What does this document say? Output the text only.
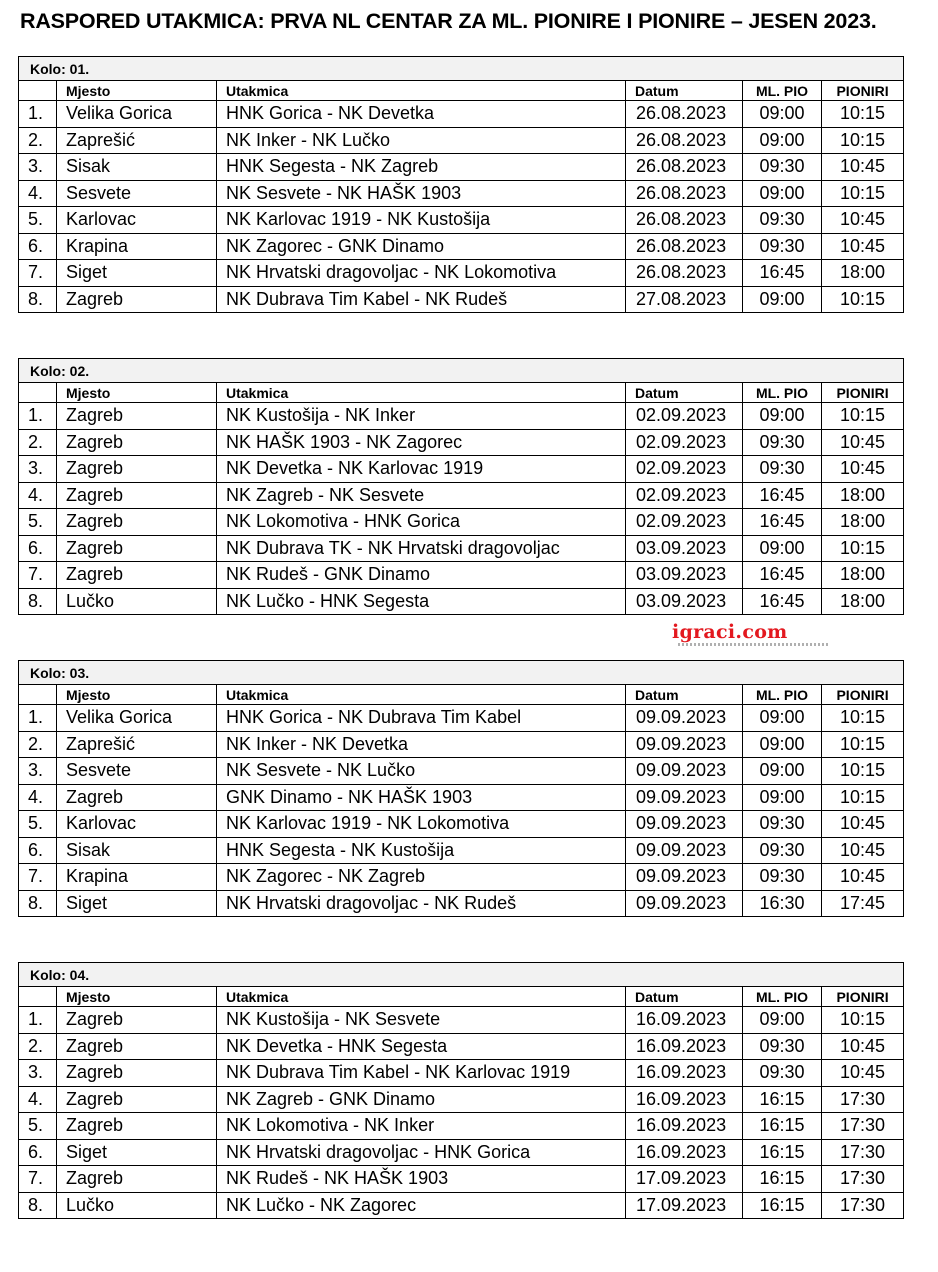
RASPORED UTAKMICA: PRVA NL CENTAR ZA ML. PIONIRE I PIONIRE – JESEN 2023.
igraci.com
Kolo: 01.					
	Mjesto	Utakmica	Datum	ML. PIO	PIONIRI
1.	Velika Gorica	HNK Gorica - NK Devetka	26.08.2023	09:00	10:15
2.	Zaprešić	NK Inker - NK Lučko	26.08.2023	09:00	10:15
3.	Sisak	HNK Segesta - NK Zagreb	26.08.2023	09:30	10:45
4.	Sesvete	NK Sesvete - NK HAŠK 1903	26.08.2023	09:00	10:15
5.	Karlovac	NK Karlovac 1919 - NK Kustošija	26.08.2023	09:30	10:45
6.	Krapina	NK Zagorec - GNK Dinamo	26.08.2023	09:30	10:45
7.	Siget	NK Hrvatski dragovoljac - NK Lokomotiva	26.08.2023	16:45	18:00
8.	Zagreb	NK Dubrava Tim Kabel - NK Rudeš	27.08.2023	09:00	10:15
Kolo: 02.					
	Mjesto	Utakmica	Datum	ML. PIO	PIONIRI
1.	Zagreb	NK Kustošija - NK Inker	02.09.2023	09:00	10:15
2.	Zagreb	NK HAŠK 1903 - NK Zagorec	02.09.2023	09:30	10:45
3.	Zagreb	NK Devetka - NK Karlovac 1919	02.09.2023	09:30	10:45
4.	Zagreb	NK Zagreb - NK Sesvete	02.09.2023	16:45	18:00
5.	Zagreb	NK Lokomotiva - HNK Gorica	02.09.2023	16:45	18:00
6.	Zagreb	NK Dubrava TK - NK Hrvatski dragovoljac	03.09.2023	09:00	10:15
7.	Zagreb	NK Rudeš - GNK Dinamo	03.09.2023	16:45	18:00
8.	Lučko	NK Lučko - HNK Segesta	03.09.2023	16:45	18:00
Kolo: 03.					
	Mjesto	Utakmica	Datum	ML. PIO	PIONIRI
1.	Velika Gorica	HNK Gorica - NK Dubrava Tim Kabel	09.09.2023	09:00	10:15
2.	Zaprešić	NK Inker - NK Devetka	09.09.2023	09:00	10:15
3.	Sesvete	NK Sesvete - NK Lučko	09.09.2023	09:00	10:15
4.	Zagreb	GNK Dinamo - NK HAŠK 1903	09.09.2023	09:00	10:15
5.	Karlovac	NK Karlovac 1919 - NK Lokomotiva	09.09.2023	09:30	10:45
6.	Sisak	HNK Segesta - NK Kustošija	09.09.2023	09:30	10:45
7.	Krapina	NK Zagorec - NK Zagreb	09.09.2023	09:30	10:45
8.	Siget	NK Hrvatski dragovoljac - NK Rudeš	09.09.2023	16:30	17:45
Kolo: 04.					
	Mjesto	Utakmica	Datum	ML. PIO	PIONIRI
1.	Zagreb	NK Kustošija - NK Sesvete	16.09.2023	09:00	10:15
2.	Zagreb	NK Devetka - HNK Segesta	16.09.2023	09:30	10:45
3.	Zagreb	NK Dubrava Tim Kabel - NK Karlovac 1919	16.09.2023	09:30	10:45
4.	Zagreb	NK Zagreb - GNK Dinamo	16.09.2023	16:15	17:30
5.	Zagreb	NK Lokomotiva - NK Inker	16.09.2023	16:15	17:30
6.	Siget	NK Hrvatski dragovoljac - HNK Gorica	16.09.2023	16:15	17:30
7.	Zagreb	NK Rudeš - NK HAŠK 1903	17.09.2023	16:15	17:30
8.	Lučko	NK Lučko - NK Zagorec	17.09.2023	16:15	17:30
